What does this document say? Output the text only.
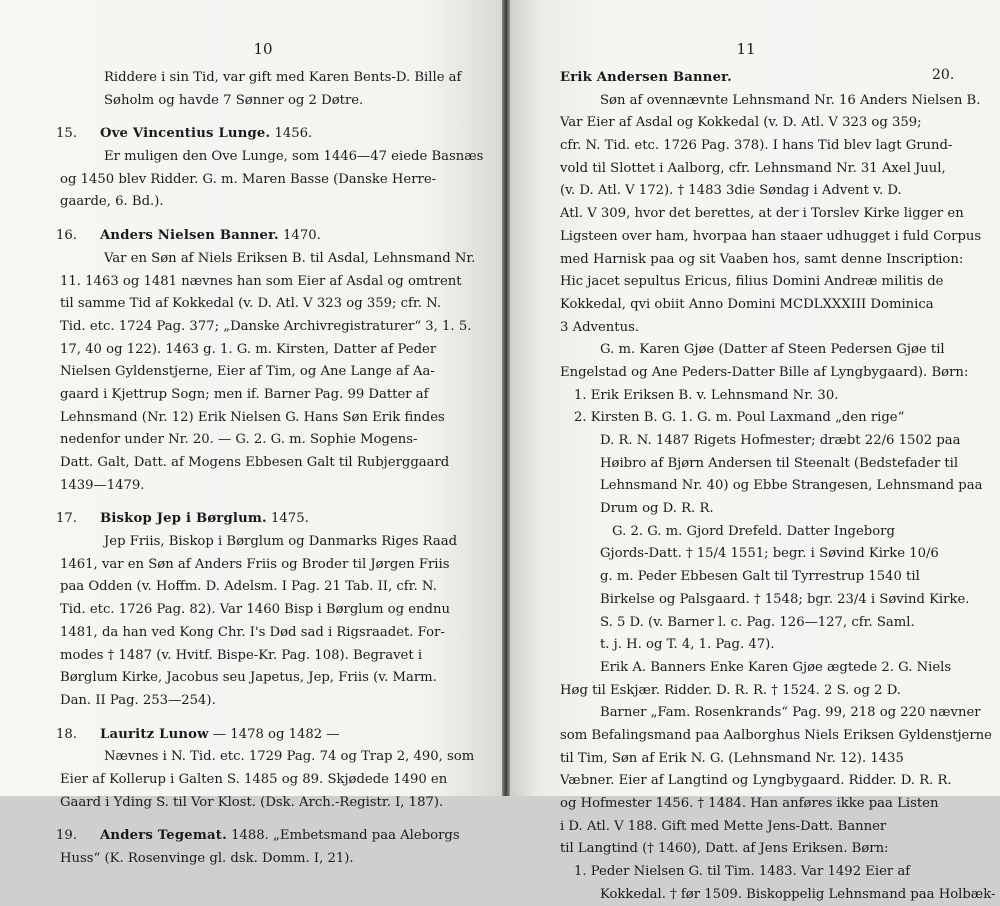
10	11
20.
Riddere i sin Tid, var gift med Karen Bents-D. Bille af
Søholm og havde 7 Sønner og 2 Døtre.
15. Ove Vincentius Lunge. 1456.
Er muligen den Ove Lunge, som 1446—47 eiede Basnæs
og 1450 blev Ridder. G. m. Maren Basse (Danske Herre-
gaarde, 6. Bd.).
16. Anders Nielsen Banner. 1470.
Var en Søn af Niels Eriksen B. til Asdal, Lehnsmand Nr.
11. 1463 og 1481 nævnes han som Eier af Asdal og omtrent
til samme Tid af Kokkedal (v. D. Atl. V 323 og 359; cfr. N.
Tid. etc. 1724 Pag. 377; „Danske Archivregistraturer“ 3, 1. 5.
17, 40 og 122). 1463 g. 1. G. m. Kirsten, Datter af Peder
Nielsen Gyldenstjerne, Eier af Tim, og Ane Lange af Aa-
gaard i Kjettrup Sogn; men if. Barner Pag. 99 Datter af
Lehnsmand (Nr. 12) Erik Nielsen G. Hans Søn Erik findes
nedenfor under Nr. 20. — G. 2. G. m. Sophie Mogens-
Datt. Galt, Datt. af Mogens Ebbesen Galt til Rubjerggaard
1439—1479.
17. Biskop Jep i Børglum. 1475.
Jep Friis, Biskop i Børglum og Danmarks Riges Raad
1461, var en Søn af Anders Friis og Broder til Jørgen Friis
paa Odden (v. Hoffm. D. Adelsm. I Pag. 21 Tab. II, cfr. N.
Tid. etc. 1726 Pag. 82). Var 1460 Bisp i Børglum og endnu
1481, da han ved Kong Chr. I's Død sad i Rigsraadet. For-
modes † 1487 (v. Hvitf. Bispe-Kr. Pag. 108). Begravet i
Børglum Kirke, Jacobus seu Japetus, Jep, Friis (v. Marm.
Dan. II Pag. 253—254).
18. Lauritz Lunow — 1478 og 1482 —
Nævnes i N. Tid. etc. 1729 Pag. 74 og Trap 2, 490, som
Eier af Kollerup i Galten S. 1485 og 89. Skjødede 1490 en
Gaard i Yding S. til Vor Klost. (Dsk. Arch.-Registr. I, 187).
19. Anders Tegemat. 1488. „Embetsmand paa Aleborgs
Huss“ (K. Rosenvinge gl. dsk. Domm. I, 21).
Erik Andersen Banner.
Søn af ovennævnte Lehnsmand Nr. 16 Anders Nielsen B.
Var Eier af Asdal og Kokkedal (v. D. Atl. V 323 og 359;
cfr. N. Tid. etc. 1726 Pag. 378). I hans Tid blev lagt Grund-
vold til Slottet i Aalborg, cfr. Lehnsmand Nr. 31 Axel Juul,
(v. D. Atl. V 172). † 1483 3die Søndag i Advent v. D.
Atl. V 309, hvor det berettes, at der i Torslev Kirke ligger en
Ligsteen over ham, hvorpaa han staaer udhugget i fuld Corpus
med Harnisk paa og sit Vaaben hos, samt denne Inscription:
Hic jacet sepultus Ericus, filius Domini Andreæ militis de
Kokkedal, qvi obiit Anno Domini MCDLXXXIII Dominica
3 Adventus.
G. m. Karen Gjøe (Datter af Steen Pedersen Gjøe til
Engelstad og Ane Peders-Datter Bille af Lyngbygaard). Børn:
1. Erik Eriksen B. v. Lehnsmand Nr. 30.
2. Kirsten B. G. 1. G. m. Poul Laxmand „den rige“
D. R. N. 1487 Rigets Hofmester; dræbt 22/6 1502 paa
Høibro af Bjørn Andersen til Steenalt (Bedstefader til
Lehnsmand Nr. 40) og Ebbe Strangesen, Lehnsmand paa
Drum og D. R. R.
G. 2. G. m. Gjord Drefeld. Datter Ingeborg
Gjords-Datt. † 15/4 1551; begr. i Søvind Kirke 10/6
g. m. Peder Ebbesen Galt til Tyrrestrup 1540 til
Birkelse og Palsgaard. † 1548; bgr. 23/4 i Søvind Kirke.
S. 5 D. (v. Barner l. c. Pag. 126—127, cfr. Saml.
t. j. H. og T. 4, 1. Pag. 47).
Erik A. Banners Enke Karen Gjøe ægtede 2. G. Niels
Høg til Eskjær. Ridder. D. R. R. † 1524. 2 S. og 2 D.
Barner „Fam. Rosenkrands“ Pag. 99, 218 og 220 nævner
som Befalingsmand paa Aalborghus Niels Eriksen Gyldenstjerne
til Tim, Søn af Erik N. G. (Lehnsmand Nr. 12). 1435
Væbner. Eier af Langtind og Lyngbygaard. Ridder. D. R. R.
og Hofmester 1456. † 1484. Han anføres ikke paa Listen
i D. Atl. V 188. Gift med Mette Jens-Datt. Banner
til Langtind († 1460), Datt. af Jens Eriksen. Børn:
1. Peder Nielsen G. til Tim. 1483. Var 1492 Eier af
Kokkedal. † før 1509. Biskoppelig Lehnsmand paa Holbæk-
